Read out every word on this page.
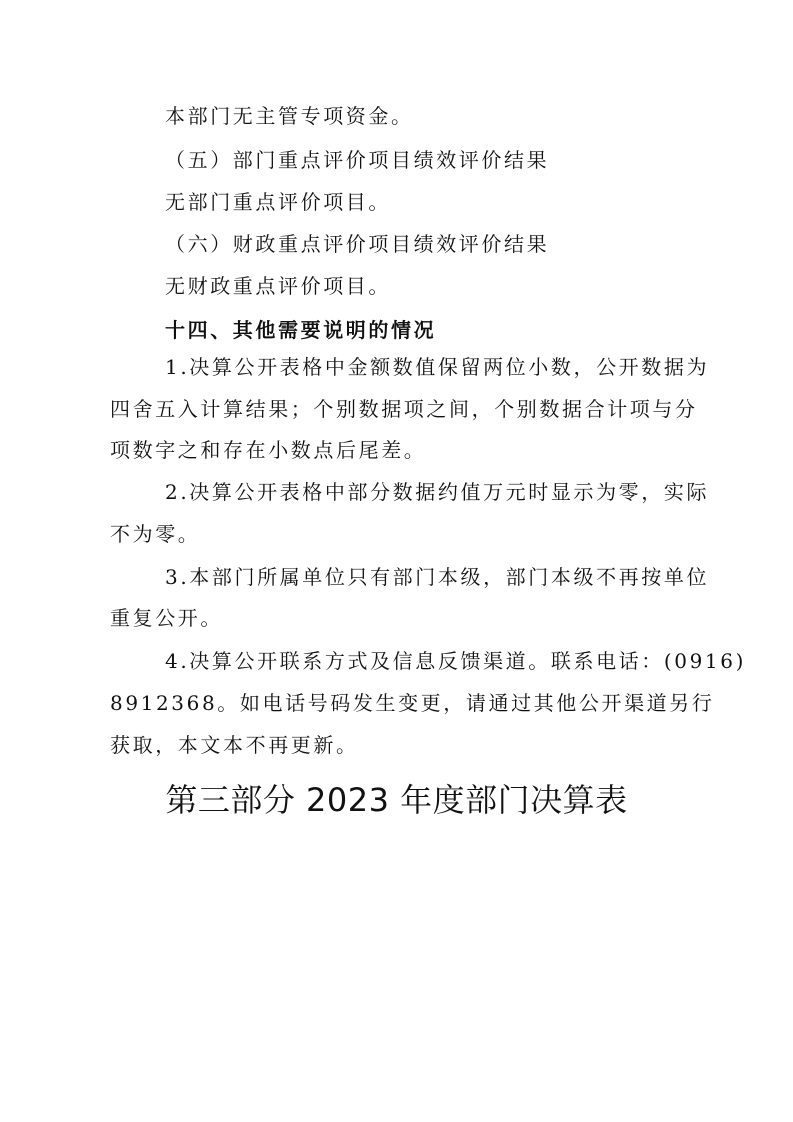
本部门无主管专项资金。
（五）部门重点评价项目绩效评价结果
无部门重点评价项目。
（六）财政重点评价项目绩效评价结果
无财政重点评价项目。
十四、其他需要说明的情况
1.决算公开表格中金额数值保留两位小数，公开数据为
四舍五入计算结果；个别数据项之间，个别数据合计项与分
项数字之和存在小数点后尾差。
2.决算公开表格中部分数据约值万元时显示为零，实际
不为零。
3.本部门所属单位只有部门本级，部门本级不再按单位
重复公开。
4.决算公开联系方式及信息反馈渠道。联系电话：(0916)
8912368。如电话号码发生变更，请通过其他公开渠道另行
获取，本文本不再更新。
第三部分 2023 年度部门决算表
